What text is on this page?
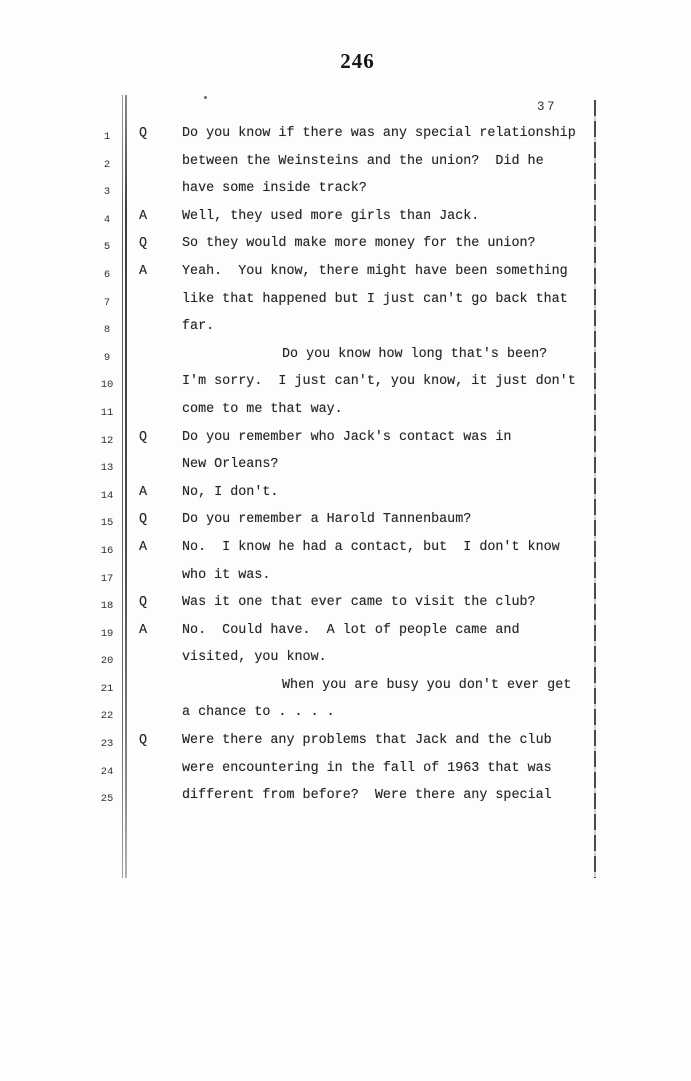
246
37
1	Q	Do you know if there was any special relationship
2	between the Weinsteins and the union?  Did he
3	have some inside track?
4	A	Well, they used more girls than Jack.
5	Q	So they would make more money for the union?
6	A	Yeah.  You know, there might have been something
7	like that happened but I just can't go back that
8	far.
9	Do you know how long that's been?
10	I'm sorry.  I just can't, you know, it just don't
11	come to me that way.
12	Q	Do you remember who Jack's contact was in
13	New Orleans?
14	A	No, I don't.
15	Q	Do you remember a Harold Tannenbaum?
16	A	No.  I know he had a contact, but  I don't know
17	who it was.
18	Q	Was it one that ever came to visit the club?
19	A	No.  Could have.  A lot of people came and
20	visited, you know.
21	When you are busy you don't ever get
22	a chance to . . . .
23	Q	Were there any problems that Jack and the club
24	were encountering in the fall of 1963 that was
25	different from before?  Were there any special
